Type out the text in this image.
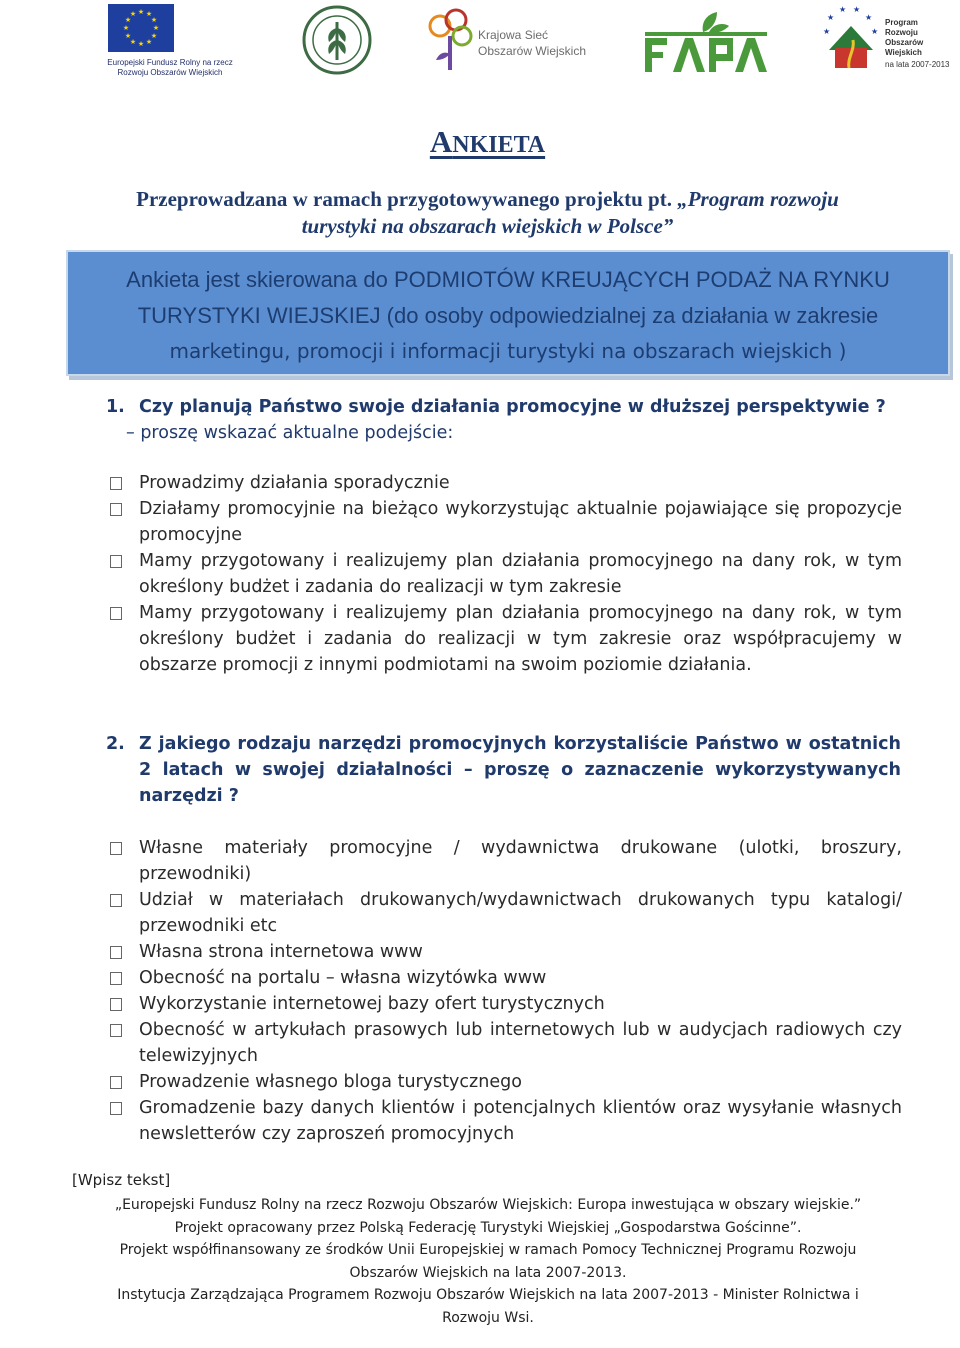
★ ★
★
★
★
★
★
★
★
★
★
★
Europejski Fundusz Rolny na rzecz
Rozwoju Obszarów Wiejskich
Krajowa Sieć
Obszarów Wiejskich
★
★
★ ★
★
★
Program
Rozwoju
Obszarów
Wiejskich
na lata 2007-2013
ANKIETA
Przeprowadzana w ramach przygotowywanego projektu pt. „Program rozwoju
turystyki na obszarach wiejskich w Polsce”

Ankieta jest skierowana do PODMIOTÓW KREUJĄCYCH PODAŻ NA RYNKU
TURYSTYKI WIEJSKIEJ (do osoby odpowiedzialnej za działania w zakresie
marketingu, promocji i informacji turystyki na obszarach wiejskich )

1. Czy planują Państwo swoje działania promocyjne w dłuższej perspektywie ?
– proszę wskazać aktualne podejście:
Prowadzimy działania sporadycznie
Działamy promocyjnie na bieżąco wykorzystując aktualnie pojawiające się propozycje promocyjne
Mamy przygotowany i realizujemy plan działania promocyjnego na dany rok, w tym określony budżet i zadania do realizacji w tym zakresie
Mamy przygotowany i realizujemy plan działania promocyjnego na dany rok, w tym określony budżet i zadania do realizacji w tym zakresie oraz współpracujemy w obszarze promocji z innymi podmiotami na swoim poziomie działania.
2. Z jakiego rodzaju narzędzi promocyjnych korzystaliście Państwo w ostatnich 2 latach w swojej działalności – proszę o zaznaczenie wykorzystywanych narzędzi ?
Własne materiały promocyjne / wydawnictwa drukowane (ulotki, broszury, przewodniki)
Udział w materiałach drukowanych/wydawnictwach drukowanych typu katalogi/ przewodniki etc
Własna strona internetowa www
Obecność na portalu – własna wizytówka www
Wykorzystanie internetowej bazy ofert turystycznych
Obecność w artykułach prasowych lub internetowych lub w audycjach radiowych czy telewizyjnych
Prowadzenie własnego bloga turystycznego
Gromadzenie bazy danych klientów i potencjalnych klientów oraz wysyłanie własnych newsletterów czy zaproszeń promocyjnych
[Wpisz tekst]
„Europejski Fundusz Rolny na rzecz Rozwoju Obszarów Wiejskich: Europa inwestująca w obszary wiejskie.”
Projekt opracowany przez Polską Federację Turystyki Wiejskiej „Gospodarstwa Gościnne”.
Projekt współfinansowany ze środków Unii Europejskiej w ramach Pomocy Technicznej Programu Rozwoju Obszarów Wiejskich na lata 2007-2013.
Instytucja Zarządzająca Programem Rozwoju Obszarów Wiejskich na lata 2007-2013 - Minister Rolnictwa i Rozwoju Wsi.
